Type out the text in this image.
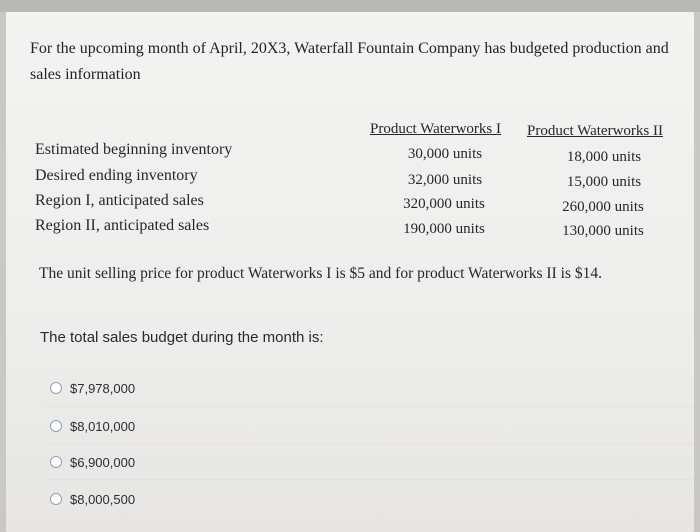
For the upcoming month of April, 20X3, Waterfall Fountain Company has budgeted production and sales information
Product Waterworks I Product Waterworks II
Estimated beginning inventory
Desired ending inventory
Region I, anticipated sales
Region II, anticipated sales
30,000 units
32,000 units
320,000 units
190,000 units
18,000 units
15,000 units
260,000 units
130,000 units
The unit selling price for product Waterworks I is $5 and for product Waterworks II is $14.
The total sales budget during the month is:
$7,978,000
$8,010,000
$6,900,000
$8,000,500
